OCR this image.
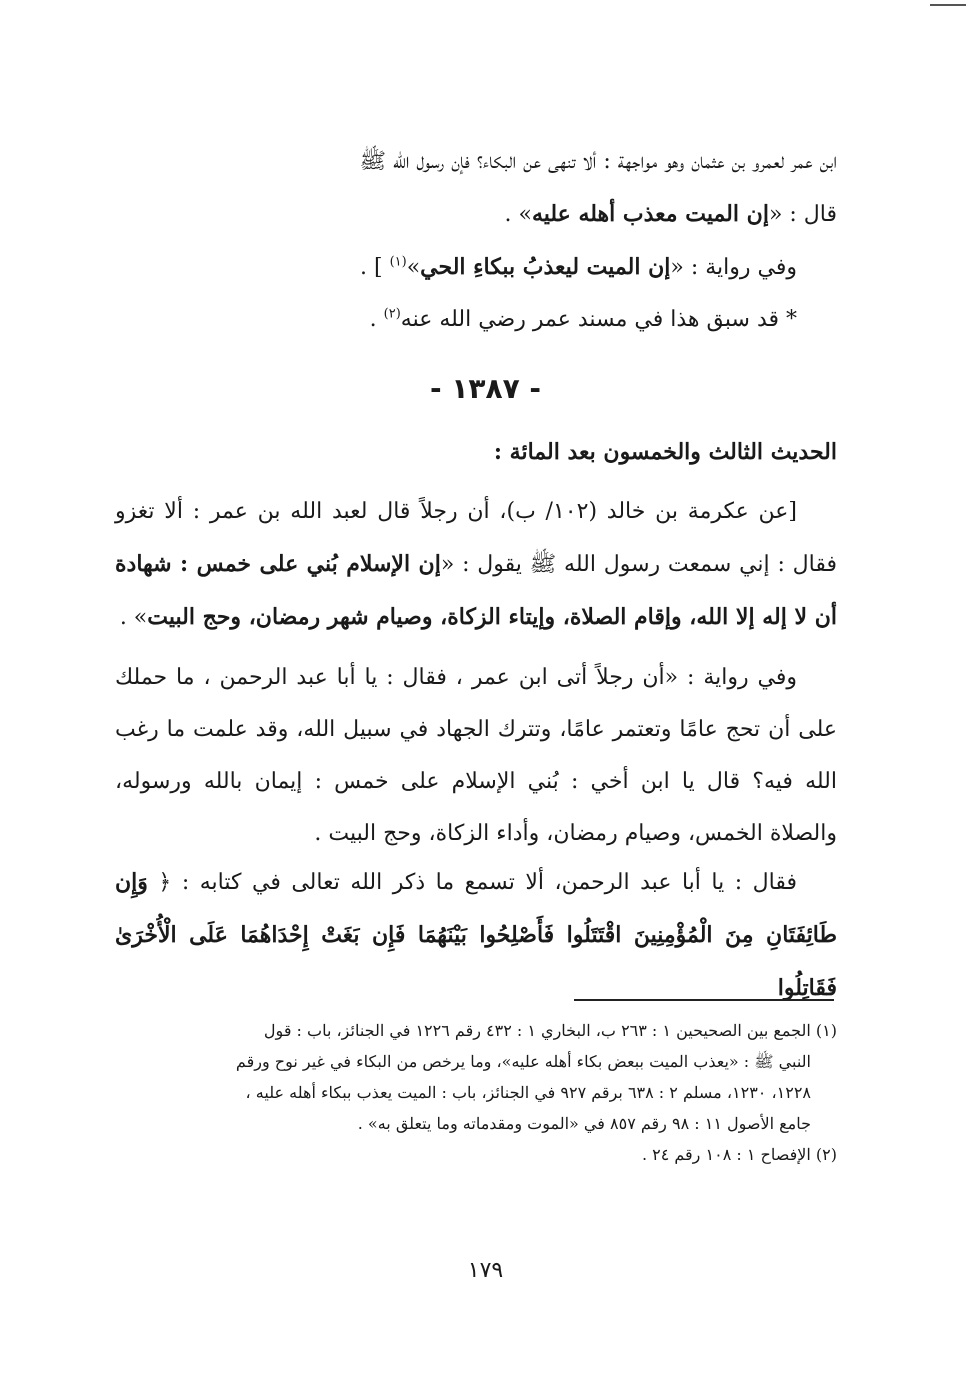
ابن عمر لعمرو بن عثمان وهو مواجهة : ألا تنهى عن البكاء؟ فإن رسول الله ﷺ
قال : «إن الميت معذب أهله عليه» .

وفي رواية : «إن الميت ليعذبُ ببكاءِ الحي»$^{(١)}$ ] .

* قد سبق هذا في مسند عمر رضي الله عنه$^{(٢)}$ .

- ١٣٨٧ -

الحديث الثالث والخمسون بعد المائة :

[عن عكرمة بن خالد (١٠٢/ ب)، أن رجلاً قال لعبد الله بن عمر : ألا تغزو فقال : إني سمعت رسول الله ﷺ يقول : «إن الإسلام بُني على خمس : شهادة أن لا إله إلا الله، وإقام الصلاة، وإيتاء الزكاة، وصيام شهر رمضان، وحج البيت» .

وفي رواية : «أن رجلاً أتى ابن عمر ، فقال : يا أبا عبد الرحمن ، ما حملك على أن تحج عامًا وتعتمر عامًا، وتترك الجهاد في سبيل الله، وقد علمت ما رغب الله فيه؟ قال يا ابن أخي : بُني الإسلام على خمس : إيمان بالله ورسوله، والصلاة الخمس، وصيام رمضان، وأداء الزكاة، وحج البيت .

فقال : يا أبا عبد الرحمن، ألا تسمع ما ذكر الله تعالى في كتابه : ﴿ وَإِن طَائِفَتَانِ مِنَ الْمُؤْمِنِينَ اقْتَتَلُوا فَأَصْلِحُوا بَيْنَهُمَا فَإِن بَغَتْ إِحْدَاهُمَا عَلَى الْأُخْرَىٰ فَقَاتِلُوا

(١) الجمع بين الصحيحين ١ : ٢٦٣ ب، البخاري ١ : ٤٣٢ رقم ١٢٢٦ في الجنائز، باب : قول

النبي ﷺ : «يعذب الميت ببعض بكاء أهله عليه»، وما يرخص من البكاء في غير نوح ورقم

١٢٢٨، ١٢٣٠، مسلم ٢ : ٦٣٨ برقم ٩٢٧ في الجنائز، باب : الميت يعذب ببكاء أهله عليه ،

جامع الأصول ١١ : ٩٨ رقم ٨٥٧ في «الموت ومقدماته وما يتعلق به» .

(٢) الإفصاح ١ : ١٠٨ رقم ٢٤ .

١٧٩
